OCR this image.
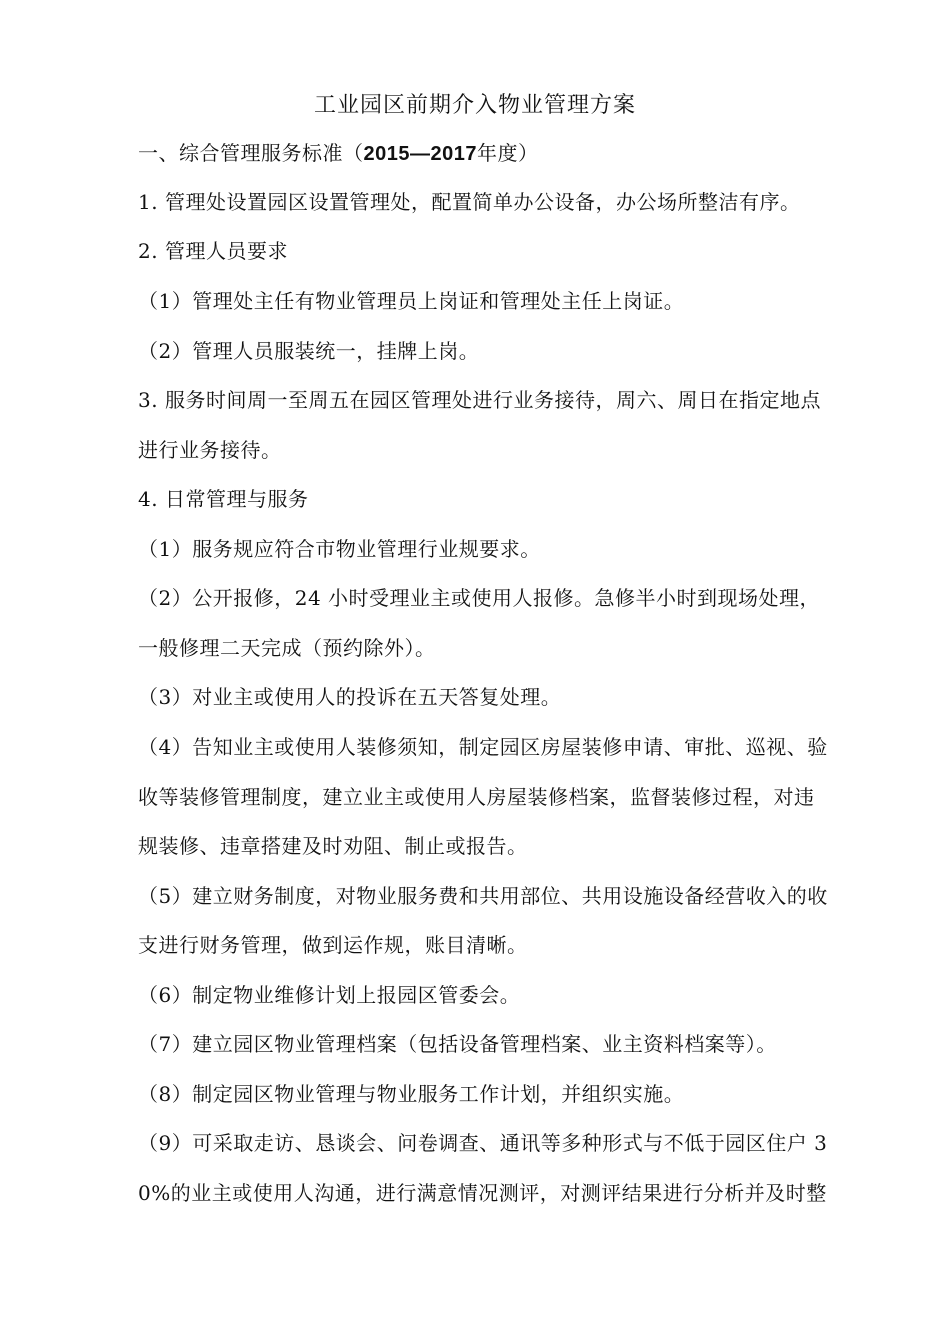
工业园区前期介入物业管理方案
一、综合管理服务标准（2015—2017年度）
1. 管理处设置园区设置管理处，配置简单办公设备，办公场所整洁有序。
2. 管理人员要求
（1）管理处主任有物业管理员上岗证和管理处主任上岗证。
（2）管理人员服装统一，挂牌上岗。
3. 服务时间周一至周五在园区管理处进行业务接待，周六、周日在指定地点
进行业务接待。
4. 日常管理与服务
（1）服务规应符合市物业管理行业规要求。
（2）公开报修，24 小时受理业主或使用人报修。急修半小时到现场处理，
一般修理二天完成（预约除外）。
（3）对业主或使用人的投诉在五天答复处理。
（4）告知业主或使用人装修须知，制定园区房屋装修申请、审批、巡视、验
收等装修管理制度，建立业主或使用人房屋装修档案，监督装修过程，对违
规装修、违章搭建及时劝阻、制止或报告。
（5）建立财务制度，对物业服务费和共用部位、共用设施设备经营收入的收
支进行财务管理，做到运作规，账目清晰。
（6）制定物业维修计划上报园区管委会。
（7）建立园区物业管理档案（包括设备管理档案、业主资料档案等）。
（8）制定园区物业管理与物业服务工作计划，并组织实施。
（9）可采取走访、恳谈会、问卷调查、通讯等多种形式与不低于园区住户 3
0%的业主或使用人沟通，进行满意情况测评，对测评结果进行分析并及时整
